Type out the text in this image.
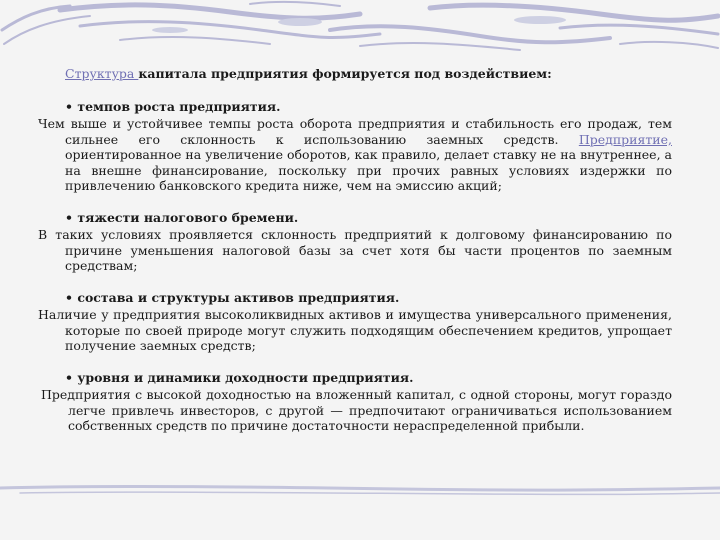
Структура капитала предприятия формируется под воздействием:
• темпов роста предприятия.
Чем выше и устойчивее темпы роста оборота предприятия и стабильность его продаж, тем сильнее его склонность к использованию заемных средств. Предприятие, ориентированное на увеличение оборотов, как правило, делает ставку не на внутреннее, а на внешне финансирование, поскольку при прочих равных условиях издержки по привлечению банковского кредита ниже, чем на эмиссию акций;
• тяжести налогового бремени.
В таких условиях проявляется склонность предприятий к долговому финансированию по причине уменьшения налоговой базы за счет хотя бы части процентов по заемным средствам;
• состава и структуры активов предприятия.
Наличие у предприятия высоколиквидных активов и имущества универсального применения, которые по своей природе могут служить подходящим обеспечением кредитов, упрощает получение заемных средств;
• уровня и динамики доходности предприятия.
Предприятия с высокой доходностью на вложенный капитал, с одной стороны, могут гораздо легче привлечь инвесторов, с другой — предпочитают ограничиваться использованием собственных средств по причине достаточности нераспределенной прибыли.
